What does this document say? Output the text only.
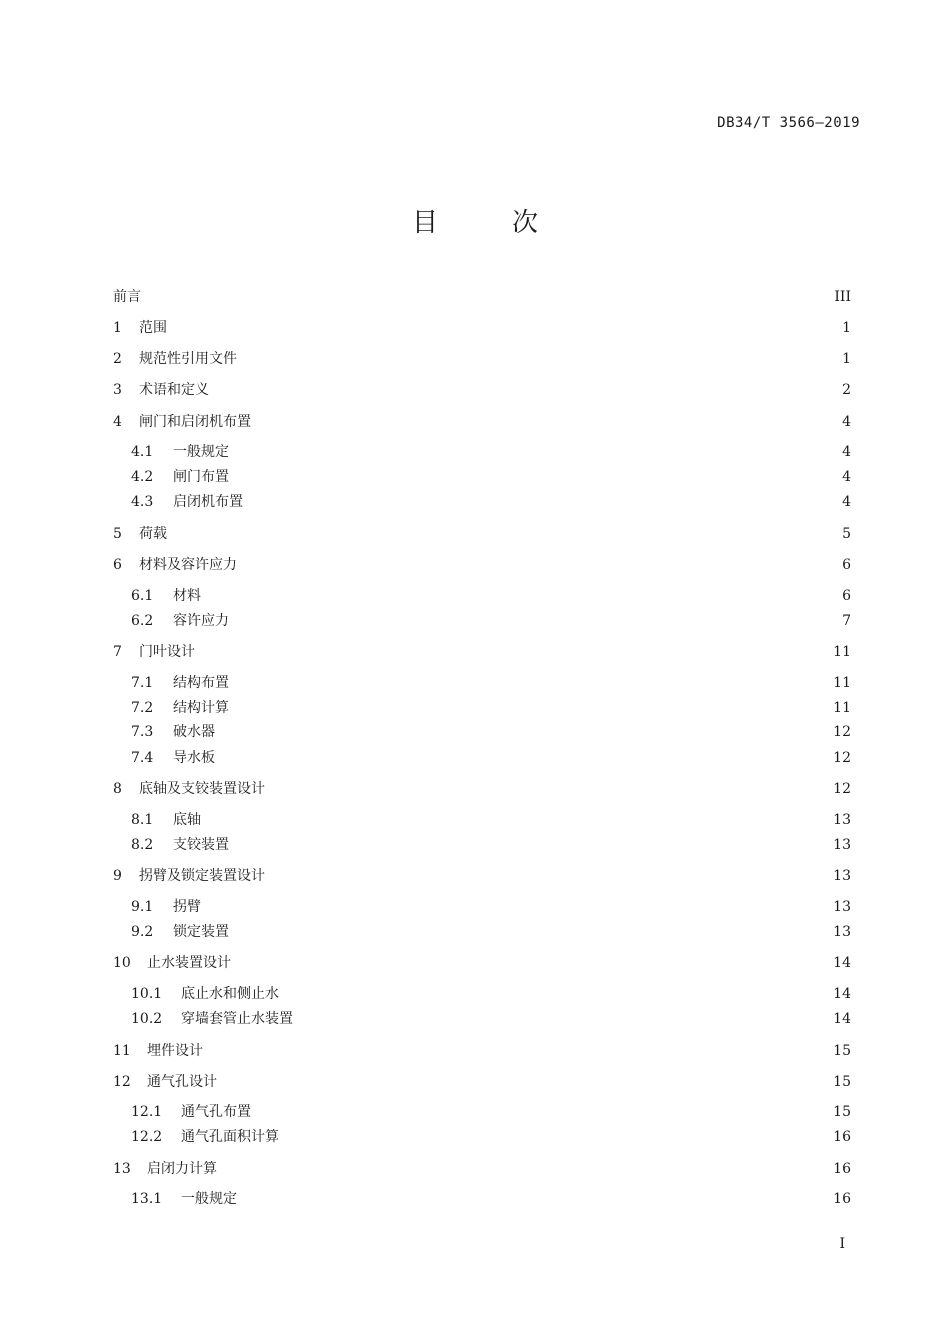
DB34/T 3566—2019
目　次
前言	III
1	范围	1
2	规范性引用文件	1
3	术语和定义	2
4	闸门和启闭机布置	4
4.1	一般规定	4
4.2	闸门布置	4
4.3	启闭机布置	4
5	荷载	5
6	材料及容许应力	6
6.1	材料	6
6.2	容许应力	7
7	门叶设计	11
7.1	结构布置	11
7.2	结构计算	11
7.3	破水器	12
7.4	导水板	12
8	底轴及支铰装置设计	12
8.1	底轴	13
8.2	支铰装置	13
9	拐臂及锁定装置设计	13
9.1	拐臂	13
9.2	锁定装置	13
10	止水装置设计	14
10.1	底止水和侧止水	14
10.2	穿墙套管止水装置	14
11	埋件设计	15
12	通气孔设计	15
12.1	通气孔布置	15
12.2	通气孔面积计算	16
13	启闭力计算	16
13.1	一般规定	16
I
